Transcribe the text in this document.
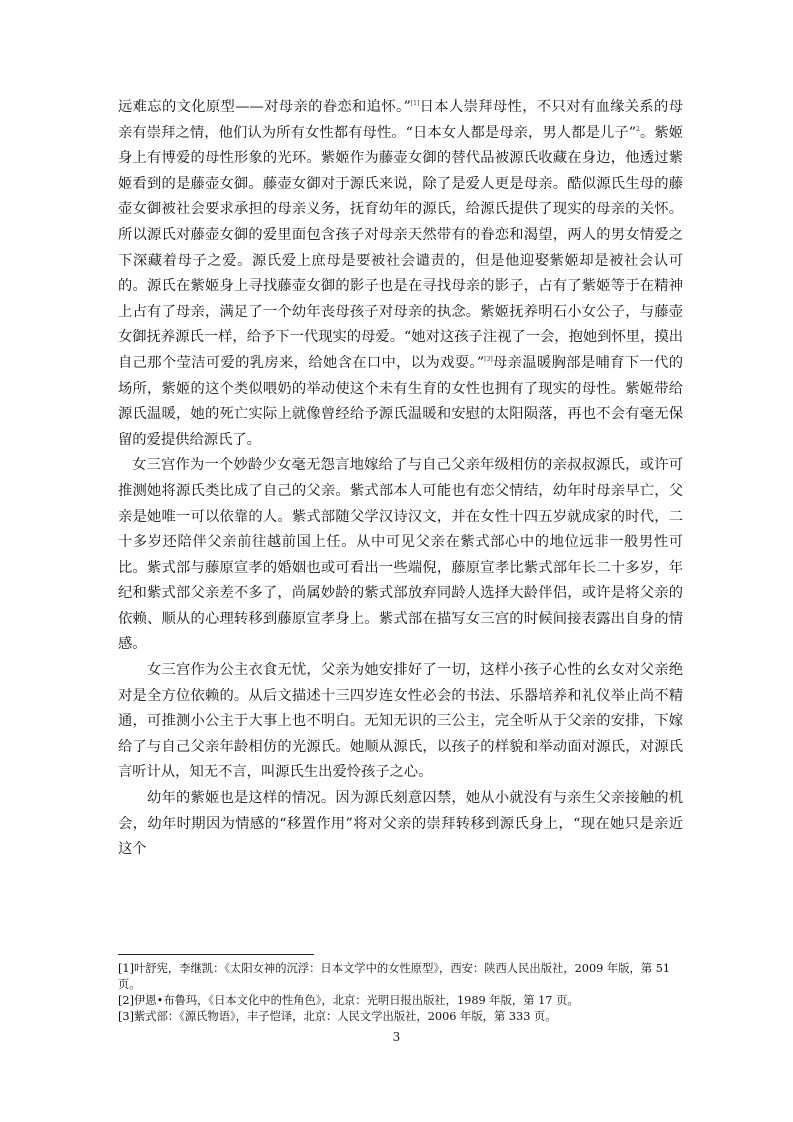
远难忘的文化原型——对母亲的眷恋和追怀。”[1]日本人崇拜母性，不只对有血缘关系的母亲有崇拜之情，他们认为所有女性都有母性。“日本女人都是母亲，男人都是儿子”$^2$。紫姬身上有博爱的母性形象的光环。紫姬作为藤壶女御的替代品被源氏收藏在身边，他透过紫姬看到的是藤壶女御。藤壶女御对于源氏来说，除了是爱人更是母亲。酷似源氏生母的藤壶女御被社会要求承担的母亲义务，抚育幼年的源氏，给源氏提供了现实的母亲的关怀。所以源氏对藤壶女御的爱里面包含孩子对母亲天然带有的眷恋和渴望，两人的男女情爱之下深藏着母子之爱。源氏爱上庶母是要被社会谴责的，但是他迎娶紫姬却是被社会认可的。源氏在紫姬身上寻找藤壶女御的影子也是在寻找母亲的影子，占有了紫姬等于在精神上占有了母亲，满足了一个幼年丧母孩子对母亲的执念。紫姬抚养明石小女公子，与藤壶女御抚养源氏一样，给予下一代现实的母爱。“她对这孩子注视了一会，抱她到怀里，摸出自己那个莹洁可爱的乳房来，给她含在口中，以为戏耍。”[3]母亲温暖胸部是哺育下一代的场所，紫姬的这个类似喂奶的举动使这个未有生育的女性也拥有了现实的母性。紫姬带给源氏温暖，她的死亡实际上就像曾经给予源氏温暖和安慰的太阳陨落，再也不会有毫无保留的爱提供给源氏了。

女三宫作为一个妙龄少女毫无怨言地嫁给了与自己父亲年级相仿的亲叔叔源氏，或许可推测她将源氏类比成了自己的父亲。紫式部本人可能也有恋父情结，幼年时母亲早亡，父亲是她唯一可以依靠的人。紫式部随父学汉诗汉文，并在女性十四五岁就成家的时代，二十多岁还陪伴父亲前往越前国上任。从中可见父亲在紫式部心中的地位远非一般男性可比。紫式部与藤原宣孝的婚姻也或可看出一些端倪，藤原宣孝比紫式部年长二十多岁，年纪和紫式部父亲差不多了，尚属妙龄的紫式部放弃同龄人选择大龄伴侣，或许是将父亲的依赖、顺从的心理转移到藤原宣孝身上。紫式部在描写女三宫的时候间接表露出自身的情感。

女三宫作为公主衣食无忧，父亲为她安排好了一切，这样小孩子心性的幺女对父亲绝对是全方位依赖的。从后文描述十三四岁连女性必会的书法、乐器培养和礼仪举止尚不精通，可推测小公主于大事上也不明白。无知无识的三公主，完全听从于父亲的安排，下嫁给了与自己父亲年龄相仿的光源氏。她顺从源氏，以孩子的样貌和举动面对源氏，对源氏言听计从，知无不言，叫源氏生出爱怜孩子之心。

幼年的紫姬也是这样的情况。因为源氏刻意囚禁，她从小就没有与亲生父亲接触的机会，幼年时期因为情感的“移置作用”将对父亲的崇拜转移到源氏身上，“现在她只是亲近这个

[1]叶舒宪，李继凯：《太阳女神的沉浮：日本文学中的女性原型》，西安：陕西人民出版社，2009 年版，第 51 页。

[2]伊恩•布鲁玛，《日本文化中的性角色》，北京：光明日报出版社，1989 年版，第 17 页。

[3]紫式部：《源氏物语》，丰子恺译，北京：人民文学出版社，2006 年版，第 333 页。

3
